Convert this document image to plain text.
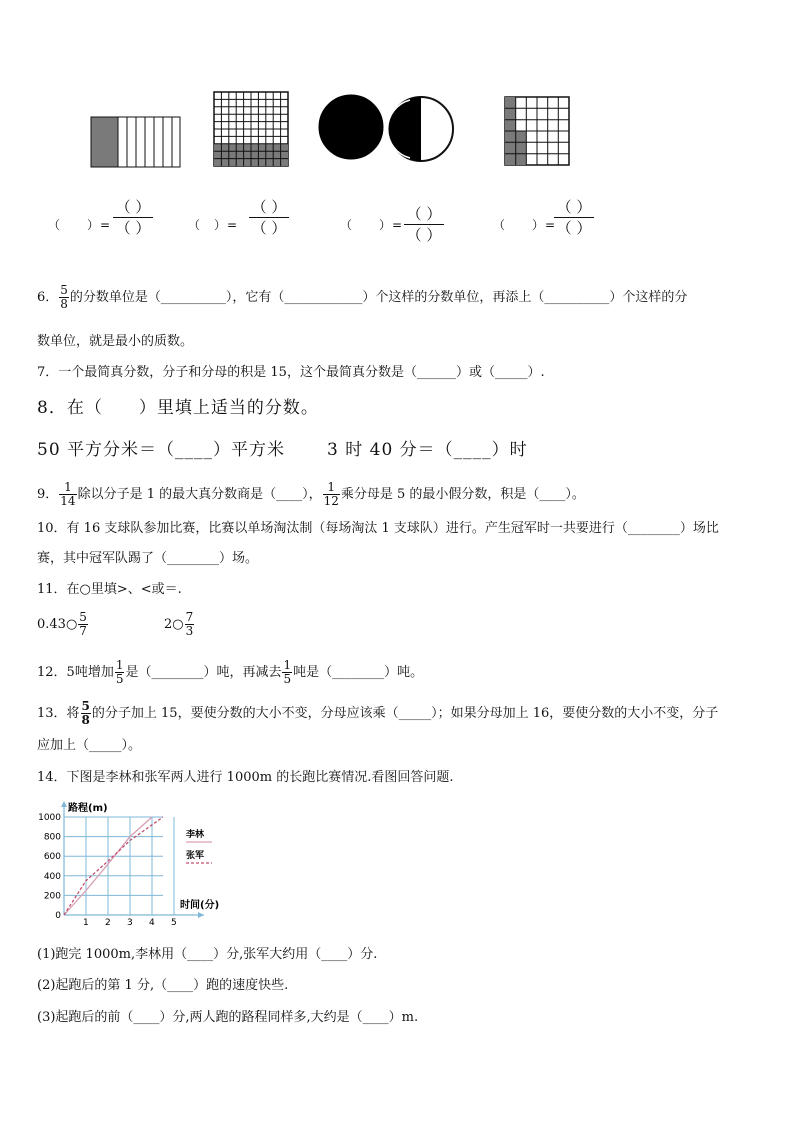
（　　）=
（ ）
（ ）	（　）=
（ ）
（ ）	（　　）=
（ ）
（ ）
（　　）=
（ ）
（ ）
6． $\frac{5}{8}$ 的分数单位是（__________），它有（____________）个这样的分数单位，再添上（__________）个这样的分
数单位，就是最小的质数。
7．一个最简真分数，分子和分母的积是 15，这个最简真分数是（______）或（_____）.
8．在（　　）里填上适当的分数。
50 平方分米＝（____）平方米 3 时 40 分＝（____）时
9． $\frac{1}{14}$ 除以分子是 1 的最大真分数商是（____）， $\frac{1}{12}$ 乘分母是 5 的最小假分数，积是（____）。
10．有 16 支球队参加比赛，比赛以单场淘汰制（每场淘汰 1 支球队）进行。产生冠军时一共要进行（________）场比
赛，其中冠军队踢了（________）场。
11．在○里填>、<或＝.
0.43○ $\frac{5}{7}$	2○ $\frac{7}{3}$
12．5吨增加 $\frac{1}{5}$ 是（________）吨，再减去 $\frac{1}{5}$ 吨是（________）吨。
13．将 $\frac{5}{8}$ 的分子加上 15，要使分数的大小不变，分母应该乘（_____）；如果分母加上 16，要使分数的大小不变，分子
应加上（_____）。
14．下图是李林和张军两人进行 1000m 的长跑比赛情况.看图回答问题.
1 2 3 4 5
0
200
400
600
800
1000
李林
张军
路程(m)
时间(分)
(1)跑完 1000m,李林用（____）分,张军大约用（____）分.
(2)起跑后的第 1 分,（____）跑的速度快些.
(3)起跑后的前（____）分,两人跑的路程同样多,大约是（____）m.
